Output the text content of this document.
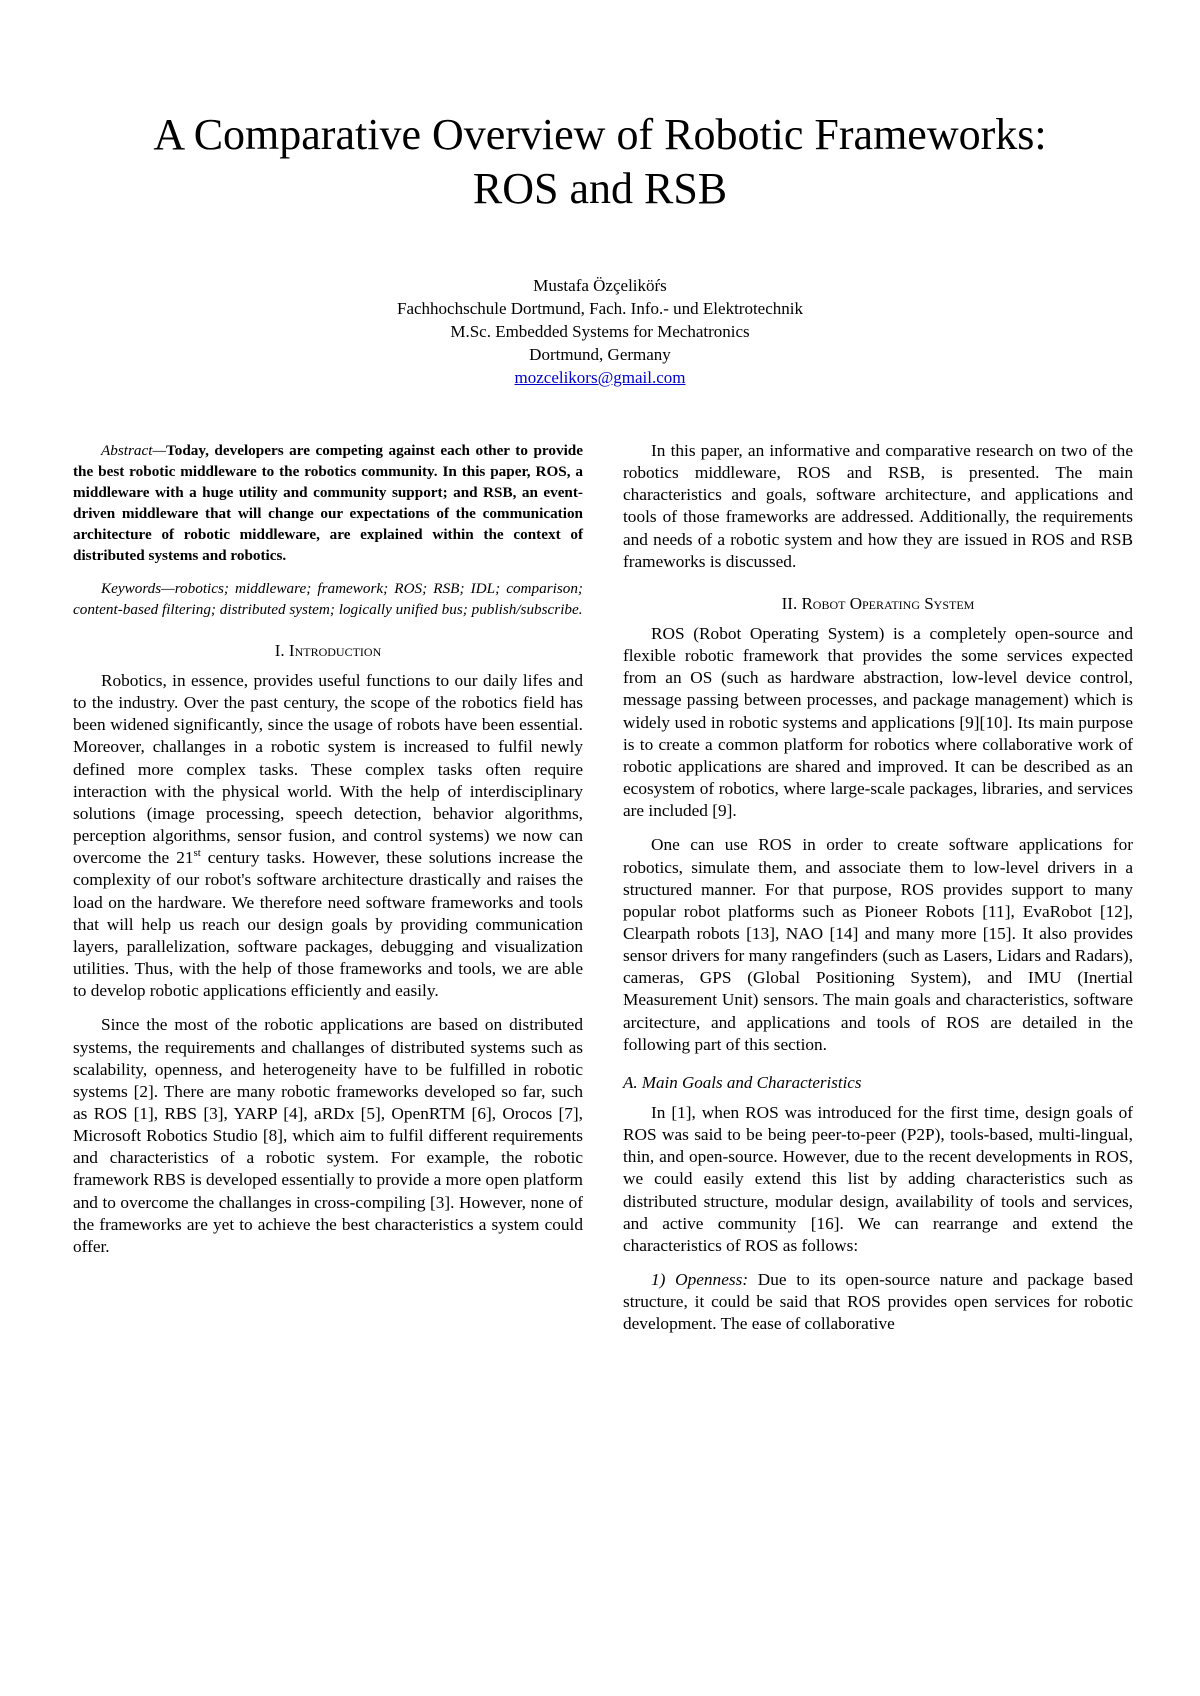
A Comparative Overview of Robotic Frameworks:
ROS and RSB
Mustafa Özçeliköŕs
Fachhochschule Dortmund, Fach. Info.- und Elektrotechnik
M.Sc. Embedded Systems for Mechatronics
Dortmund, Germany
mozcelikors@gmail.com

Abstract—Today, developers are competing against each other to provide the best robotic middleware to the robotics community. In this paper, ROS, a middleware with a huge utility and community support; and RSB, an event-driven middleware that will change our expectations of the communication architecture of robotic middleware, are explained within the context of distributed systems and robotics.

Keywords—robotics; middleware; framework; ROS; RSB; IDL; comparison; content-based filtering; distributed system; logically unified bus; publish/subscribe.

I. Introduction

Robotics, in essence, provides useful functions to our daily lifes and to the industry. Over the past century, the scope of the robotics field has been widened significantly, since the usage of robots have been essential. Moreover, challanges in a robotic system is increased to fulfil newly defined more complex tasks. These complex tasks often require interaction with the physical world. With the help of interdisciplinary solutions (image processing, speech detection, behavior algorithms, perception algorithms, sensor fusion, and control systems) we now can overcome the 21st century tasks. However, these solutions increase the complexity of our robot's software architecture drastically and raises the load on the hardware. We therefore need software frameworks and tools that will help us reach our design goals by providing communication layers, parallelization, software packages, debugging and visualization utilities. Thus, with the help of those frameworks and tools, we are able to develop robotic applications efficiently and easily.

Since the most of the robotic applications are based on distributed systems, the requirements and challanges of distributed systems such as scalability, openness, and heterogeneity have to be fulfilled in robotic systems [2]. There are many robotic frameworks developed so far, such as ROS [1], RBS [3], YARP [4], aRDx [5], OpenRTM [6], Orocos [7], Microsoft Robotics Studio [8], which aim to fulfil different requirements and characteristics of a robotic system. For example, the robotic framework RBS is developed essentially to provide a more open platform and to overcome the challanges in cross-compiling [3]. However, none of the frameworks are yet to achieve the best characteristics a system could offer.

In this paper, an informative and comparative research on two of the robotics middleware, ROS and RSB, is presented. The main characteristics and goals, software architecture, and applications and tools of those frameworks are addressed. Additionally, the requirements and needs of a robotic system and how they are issued in ROS and RSB frameworks is discussed.

II. Robot Operating System

ROS (Robot Operating System) is a completely open-source and flexible robotic framework that provides the some services expected from an OS (such as hardware abstraction, low-level device control, message passing between processes, and package management) which is widely used in robotic systems and applications [9][10]. Its main purpose is to create a common platform for robotics where collaborative work of robotic applications are shared and improved. It can be described as an ecosystem of robotics, where large-scale packages, libraries, and services are included [9].

One can use ROS in order to create software applications for robotics, simulate them, and associate them to low-level drivers in a structured manner. For that purpose, ROS provides support to many popular robot platforms such as Pioneer Robots [11], EvaRobot [12], Clearpath robots [13], NAO [14] and many more [15]. It also provides sensor drivers for many rangefinders (such as Lasers, Lidars and Radars), cameras, GPS (Global Positioning System), and IMU (Inertial Measurement Unit) sensors. The main goals and characteristics, software arcitecture, and applications and tools of ROS are detailed in the following part of this section.

A. Main Goals and Characteristics

In [1], when ROS was introduced for the first time, design goals of ROS was said to be being peer-to-peer (P2P), tools-based, multi-lingual, thin, and open-source. However, due to the recent developments in ROS, we could easily extend this list by adding characteristics such as distributed structure, modular design, availability of tools and services, and active community [16]. We can rearrange and extend the characteristics of ROS as follows:

1) Openness: Due to its open-source nature and package based structure, it could be said that ROS provides open services for robotic development. The ease of collaborative
